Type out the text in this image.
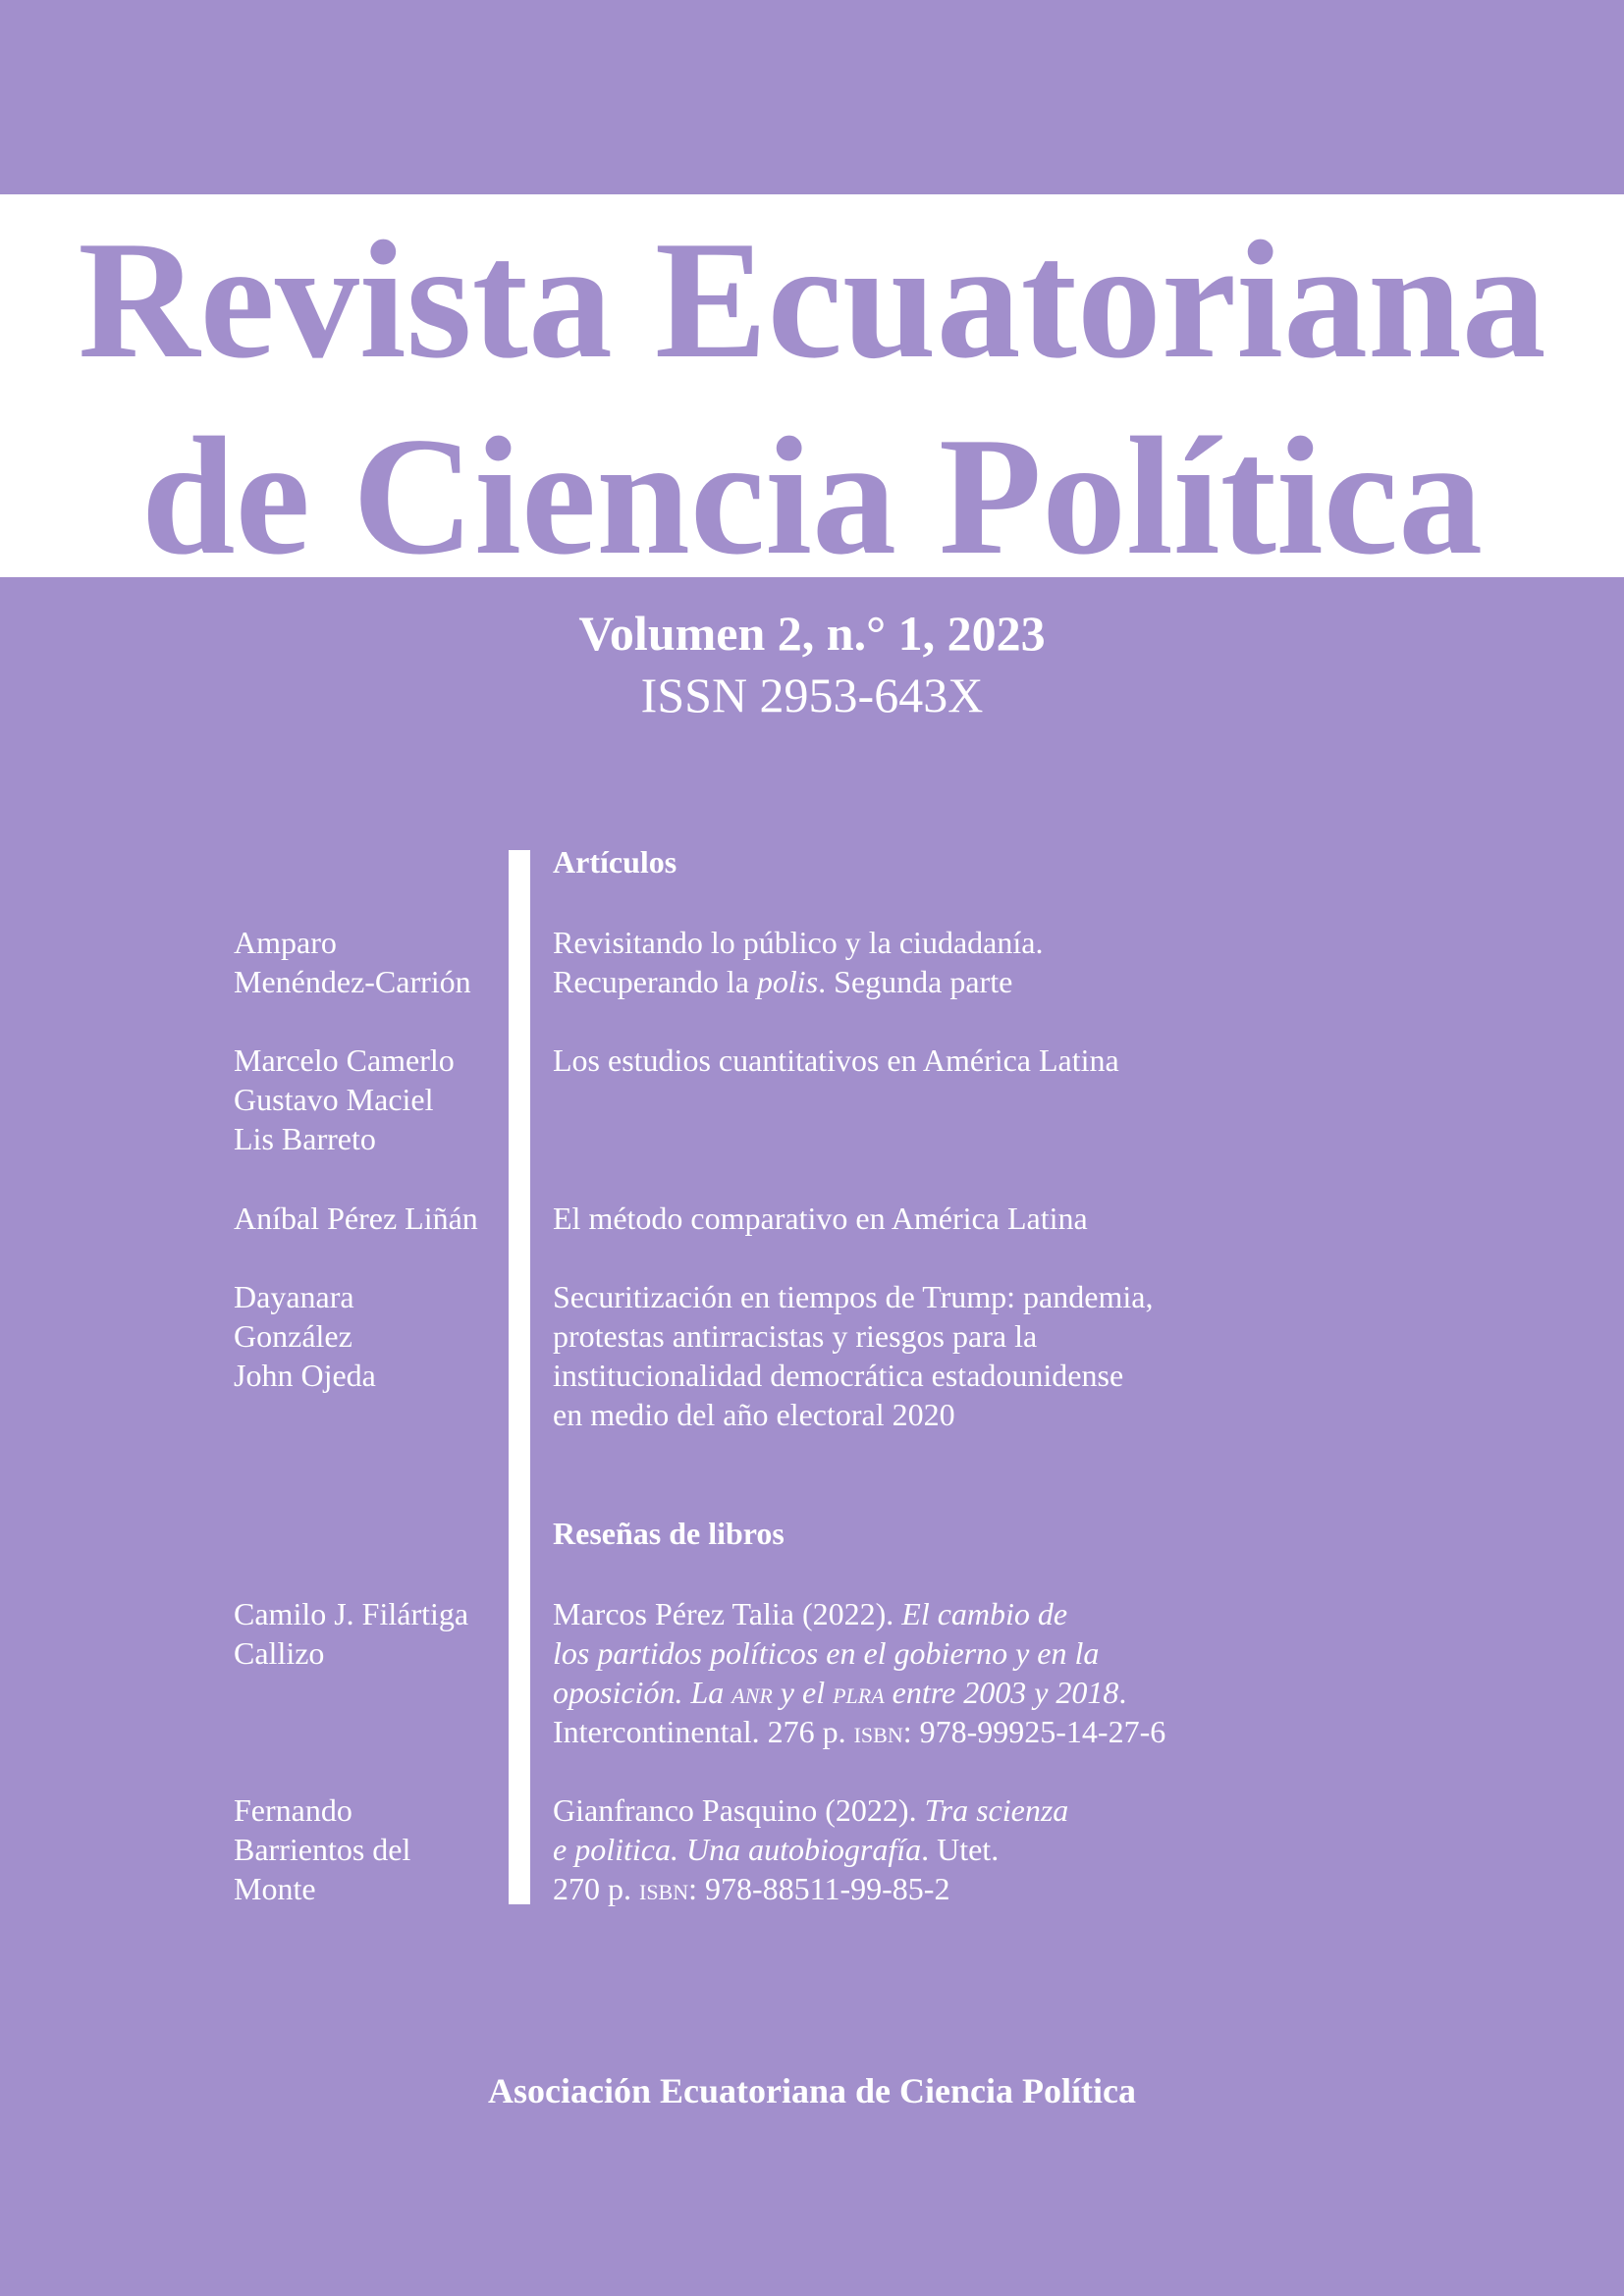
Revista Ecuatoriana
de Ciencia Política
Volumen 2, n.° 1, 2023
ISSN 2953-643X
Artículos
Amparo
Menéndez-Carrión
Revisitando lo público y la ciudadanía.
Recuperando la polis. Segunda parte
Marcelo Camerlo
Gustavo Maciel
Lis Barreto
Los estudios cuantitativos en América Latina
Aníbal Pérez Liñán	El método comparativo en América Latina
Dayanara
González
John Ojeda
Securitización en tiempos de Trump: pandemia,
protestas antirracistas y riesgos para la
institucionalidad democrática estadounidense
en medio del año electoral 2020
Reseñas de libros
Camilo J. Filártiga
Callizo
Marcos Pérez Talia (2022). El cambio de
los partidos políticos en el gobierno y en la
oposición. La anr y el plra entre 2003 y 2018.
Intercontinental. 276 p. isbn: 978-99925-14-27-6
Fernando
Barrientos del
Monte
Gianfranco Pasquino (2022). Tra scienza
e politica. Una autobiografía. Utet.
270 p. isbn: 978-88511-99-85-2
Asociación Ecuatoriana de Ciencia Política
